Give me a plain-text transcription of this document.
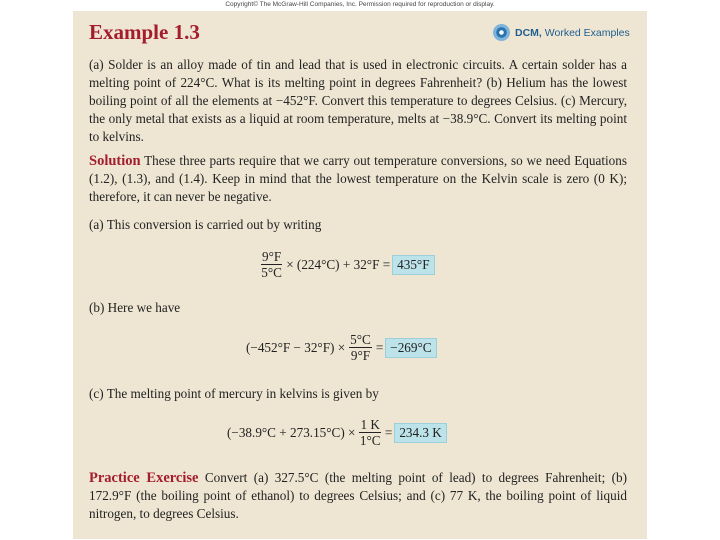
Copyright© The McGraw-Hill Companies, Inc. Permission required for reproduction or display.
Example 1.3	DCM,
Worked Examples
(a) Solder is an alloy made of tin and lead that is used in electronic circuits. A certain solder has a melting point of 224°C. What is its melting point in degrees Fahrenheit? (b) Helium has the lowest boiling point of all the elements at −452°F. Convert this temperature to degrees Celsius. (c) Mercury, the only metal that exists as a liquid at room temperature, melts at −38.9°C. Convert its melting point to kelvins.
Solution These three parts require that we carry out temperature conversions, so we need Equations (1.2), (1.3), and (1.4). Keep in mind that the lowest temperature on the Kelvin scale is zero (0 K); therefore, it can never be negative.
(a) This conversion is carried out by writing
$\frac{9^\circ F}{5^\circ C} \times (224^\circ C) + 32^\circ F = 435^\circ F$
(b) Here we have
$(-452^\circ F - 32^\circ F) \times \frac{5^\circ C}{9^\circ F} = -269^\circ C$
(c) The melting point of mercury in kelvins is given by
$(-38.9^\circ C + 273.15^\circ C) \times \frac{1 K}{1^\circ C} = 234.3$ K
Practice Exercise Convert (a) 327.5°C (the melting point of lead) to degrees Fahrenheit; (b) 172.9°F (the boiling point of ethanol) to degrees Celsius; and (c) 77 K, the boiling point of liquid nitrogen, to degrees Celsius.
